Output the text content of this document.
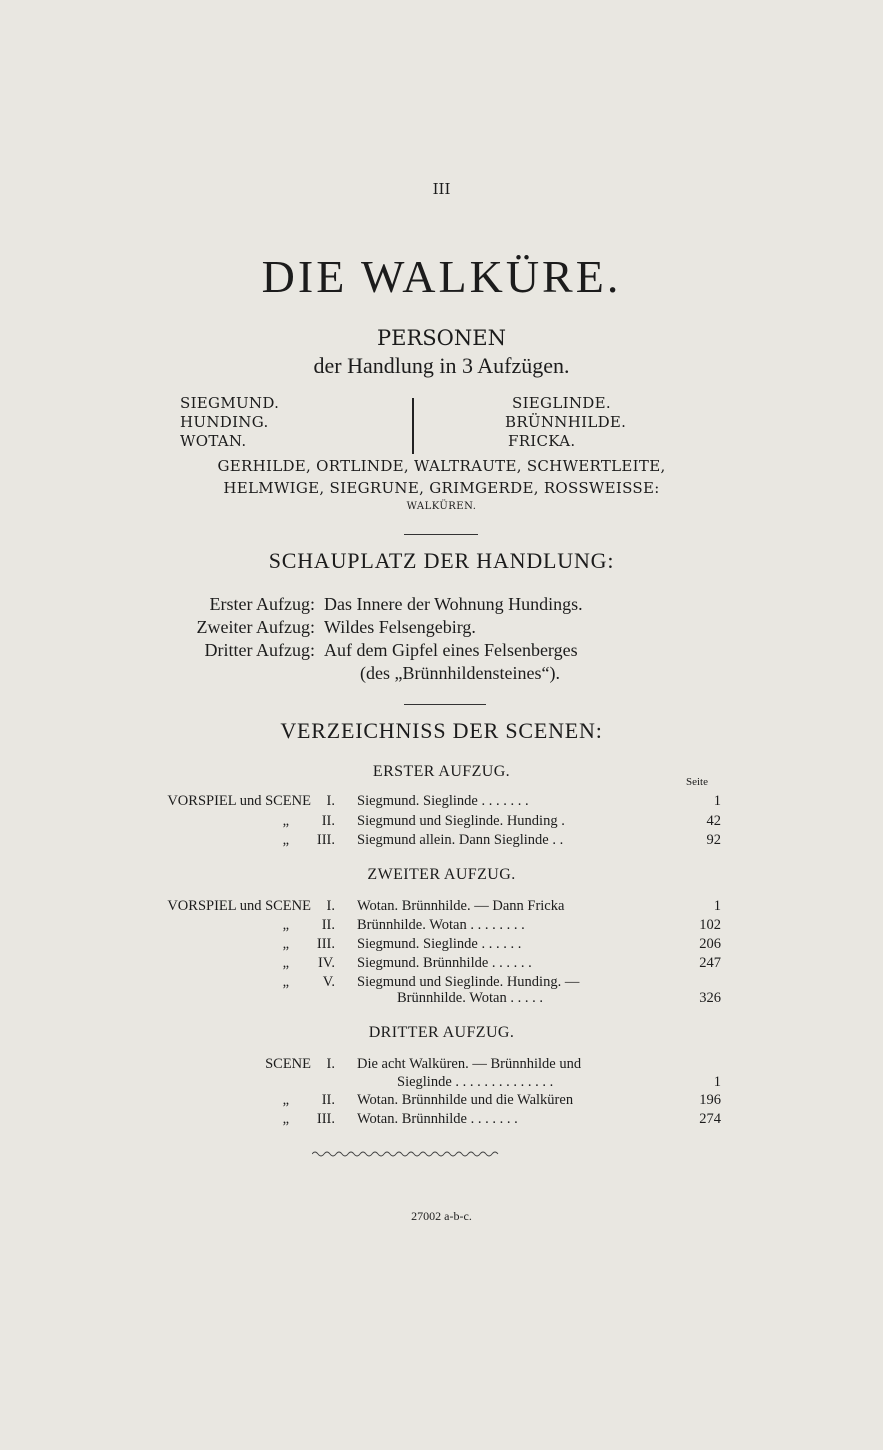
III
DIE WALKÜRE.
PERSONEN
der Handlung in 3 Aufzügen.
SIEGMUND.
HUNDING.
WOTAN.
SIEGLINDE.
BRÜNNHILDE.
FRICKA.
GERHILDE, ORTLINDE, WALTRAUTE, SCHWERTLEITE,
HELMWIGE, SIEGRUNE, GRIMGERDE, ROSSWEISSE:
WALKÜREN.
SCHAUPLATZ DER HANDLUNG:
Erster Aufzug: Das Innere der Wohnung Hundings.
Zweiter Aufzug: Wildes Felsengebirg.
Dritter Aufzug: Auf dem Gipfel eines Felsenberges
(des „Brünnhildensteines“).
VERZEICHNISS DER SCENEN:
ERSTER AUFZUG.
Seite
VORSPIEL und SCENE I. Siegmund. Sieglinde . . . . . . .	1
„ II. Siegmund und Sieglinde. Hunding .	42
„ III. Siegmund allein. Dann Sieglinde . .	92
ZWEITER AUFZUG.
VORSPIEL und SCENE I. Wotan. Brünnhilde. — Dann Fricka	1
„ II. Brünnhilde. Wotan . . . . . . . .	102
„ III. Siegmund. Sieglinde . . . . . .	206
„ IV. Siegmund. Brünnhilde . . . . . .	247
„ V. Siegmund und Sieglinde. Hunding. —
Brünnhilde. Wotan . . . . .	326
DRITTER AUFZUG.
SCENE I. Die acht Walküren. — Brünnhilde und
Sieglinde . . . . . . . . . . . . . .	1
„ II. Wotan. Brünnhilde und die Walküren	196
„ III. Wotan. Brünnhilde . . . . . . .	274
27002 a-b-c.
